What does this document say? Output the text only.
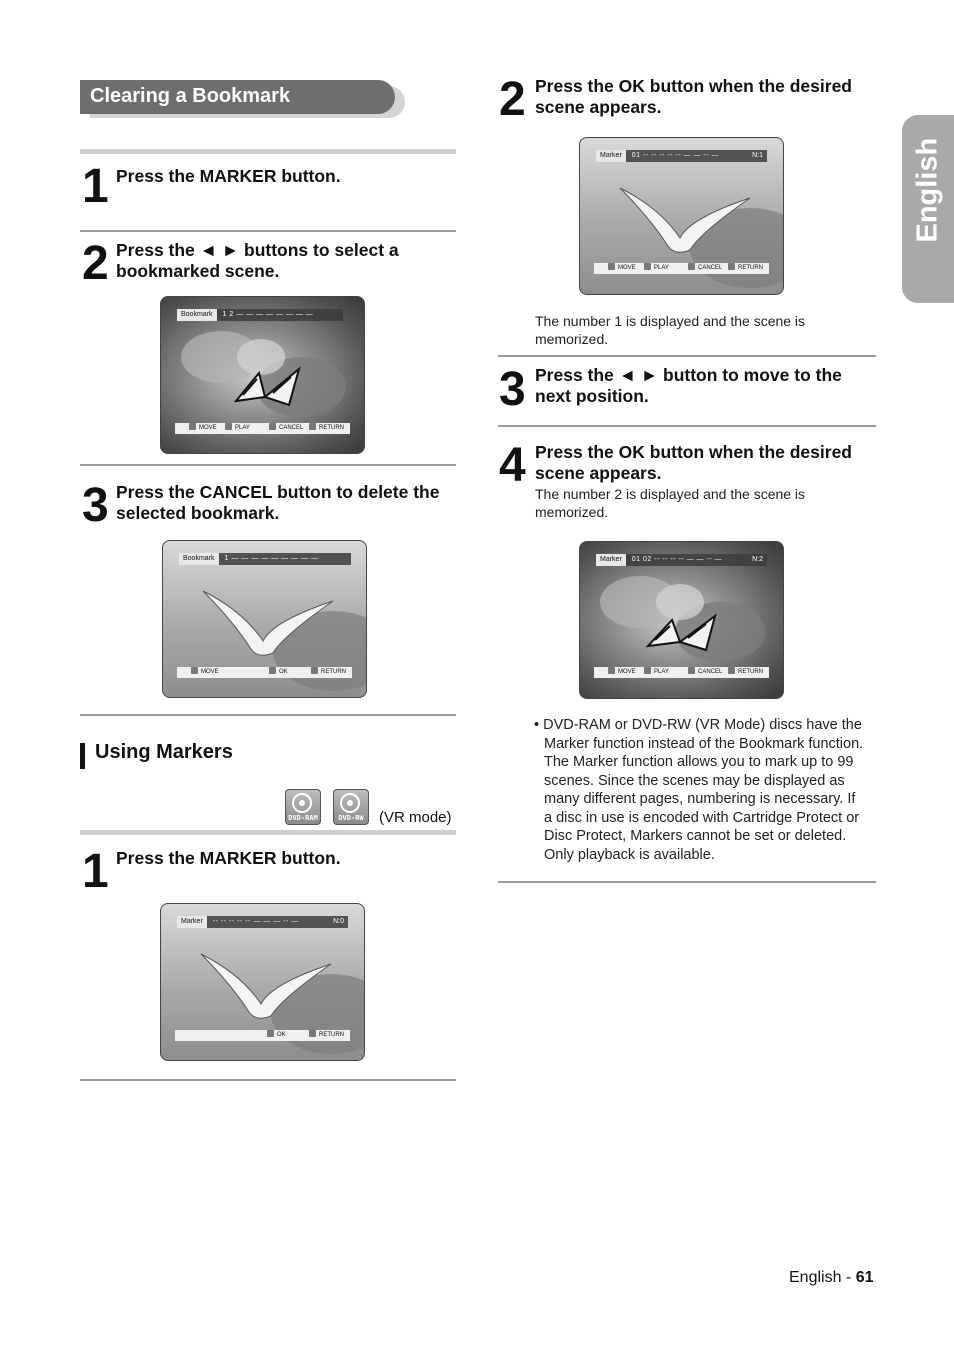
English
Clearing a Bookmark
1 Press the MARKER button.
2 Press the ◄ ► buttons to select a
bookmarked scene.
Bookmark 1 2 — — — — — — — —
MOVE	PLAY	CANCEL	RETURN
3 Press the CANCEL button to delete the
selected bookmark.
Bookmark 1 — — — — — — — — —
MOVE	OK	RETURN
Using Markers
DVD-RAM	DVD-RW	(VR mode)
1 Press the MARKER button.
Marker -- -- -- -- -- — — — -- —	N:0
OK	RETURN
2 Press the OK button when the desired
scene appears.
Marker 01 -- -- -- -- -- — — -- —	N:1
MOVE	PLAY	CANCEL	RETURN
The number 1 is displayed and the scene is
memorized.
3 Press the ◄ ► button to move to the
next position.
4 Press the OK button when the desired
scene appears.
The number 2 is displayed and the scene is
memorized.
Marker 01 02 -- -- -- -- — — -- —	N:2
MOVE	PLAY	CANCEL	RETURN
• DVD-RAM or DVD-RW (VR Mode) discs have the
Marker function instead of the Bookmark function.
The Marker function allows you to mark up to 99
scenes. Since the scenes may be displayed as
many different pages, numbering is necessary. If
a disc in use is encoded with Cartridge Protect or
Disc Protect, Markers cannot be set or deleted.
Only playback is available.
English - 61
